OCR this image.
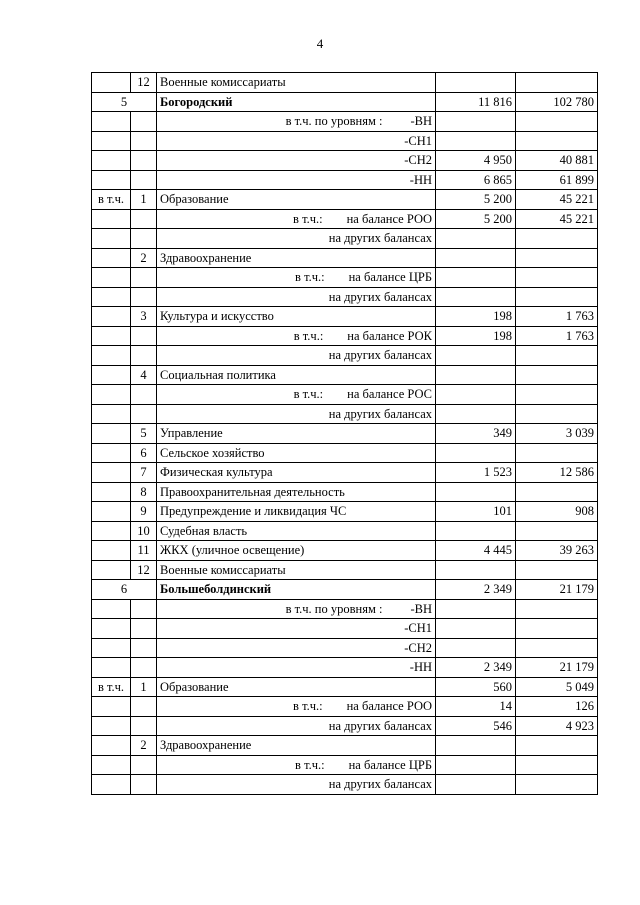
4
	12	Военные комиссариаты		
5		Богородский	11 816	102 780
		в т.ч. по уровням : -ВН		
		-СН1		
		-СН2	4 950	40 881
		-НН	6 865	61 899
в т.ч.	1	Образование	5 200	45 221
		в т.ч.: на балансе РОО	5 200	45 221
		на других балансах		
	2	Здравоохранение		
		в т.ч.: на балансе ЦРБ		
		на других балансах		
	3	Культура и искусство	198	1 763
		в т.ч.: на балансе РОК	198	1 763
		на других балансах		
	4	Социальная политика		
		в т.ч.: на балансе РОС		
		на других балансах		
	5	Управление	349	3 039
	6	Сельское хозяйство		
	7	Физическая культура	1 523	12 586
	8	Правоохранительная деятельность		
	9	Предупреждение и ликвидация ЧС	101	908
	10	Судебная власть		
	11	ЖКХ (уличное освещение)	4 445	39 263
	12	Военные комиссариаты		
6		Большеболдинский	2 349	21 179
		в т.ч. по уровням : -ВН		
		-СН1		
		-СН2		
		-НН	2 349	21 179
в т.ч.	1	Образование	560	5 049
		в т.ч.: на балансе РОО	14	126
		на других балансах	546	4 923
	2	Здравоохранение		
		в т.ч.: на балансе ЦРБ		
		на других балансах		
